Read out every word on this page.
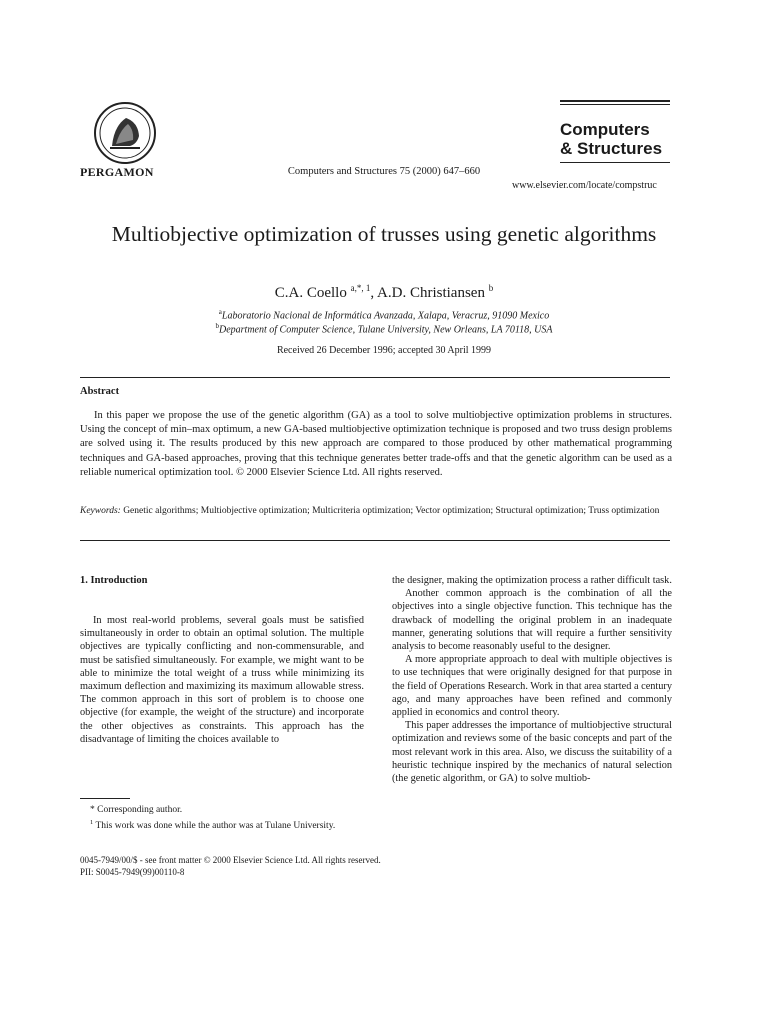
PERGAMON	Computers and Structures 75 (2000) 647–660
Computers
& Structures
www.elsevier.com/locate/compstruc
Multiobjective optimization of trusses using genetic algorithms
C.A. Coello $^{a,*, 1}$, A.D. Christiansen $^b$
$^a$Laboratorio Nacional de Informática Avanzada, Xalapa, Veracruz, 91090 Mexico
$^b$Department of Computer Science, Tulane University, New Orleans, LA 70118, USA
Received 26 December 1996; accepted 30 April 1999
Abstract
In this paper we propose the use of the genetic algorithm (GA) as a tool to solve multiobjective optimization problems in structures. Using the concept of min–max optimum, a new GA-based multiobjective optimization technique is proposed and two truss design problems are solved using it. The results produced by this new approach are compared to those produced by other mathematical programming techniques and GA-based approaches, proving that this technique generates better trade-offs and that the genetic algorithm can be used as a reliable numerical optimization tool. © 2000 Elsevier Science Ltd. All rights reserved.
Keywords: Genetic algorithms; Multiobjective optimization; Multicriteria optimization; Vector optimization; Structural optimization; Truss optimization
1. Introduction

In most real-world problems, several goals must be satisfied simultaneously in order to obtain an optimal solution. The multiple objectives are typically conflicting and non-commensurable, and must be satisfied simultaneously. For example, we might want to be able to minimize the total weight of a truss while minimizing its maximum deflection and maximizing its maximum allowable stress. The common approach in this sort of problem is to choose one objective (for example, the weight of the structure) and incorporate the other objectives as constraints. This approach has the disadvantage of limiting the choices available to

* Corresponding author.

$^1$ This work was done while the author was at Tulane University.

the designer, making the optimization process a rather difficult task.

Another common approach is the combination of all the objectives into a single objective function. This technique has the drawback of modelling the original problem in an inadequate manner, generating solutions that will require a further sensitivity analysis to become reasonably useful to the designer.

A more appropriate approach to deal with multiple objectives is to use techniques that were originally designed for that purpose in the field of Operations Research. Work in that area started a century ago, and many approaches have been refined and commonly applied in economics and control theory.

This paper addresses the importance of multiobjective structural optimization and reviews some of the basic concepts and part of the most relevant work in this area. Also, we discuss the suitability of a heuristic technique inspired by the mechanics of natural selection (the genetic algorithm, or GA) to solve multiob-

0045-7949/00/$ - see front matter © 2000 Elsevier Science Ltd. All rights reserved.
PII: S0045-7949(99)00110-8
